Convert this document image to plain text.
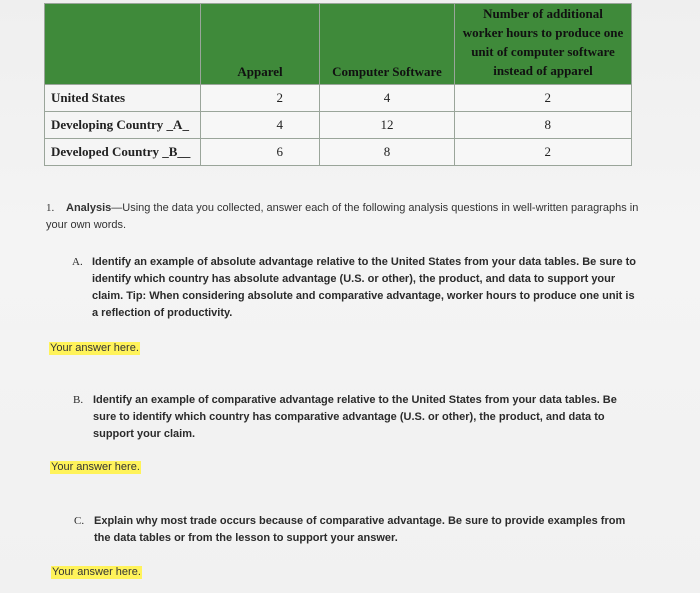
	Apparel	Computer Software	Number of additional
worker hours to produce one
unit of computer software
instead of apparel

United States	2	4	2
Developing Country _A_	4	12	8
Developed Country _B__	6	8	2
1. Analysis—Using the data you collected, answer each of the following analysis questions in well-written paragraphs in your own words.
A. Identify an example of absolute advantage relative to the United States from your data tables. Be sure to identify which country has absolute advantage (U.S. or other), the product, and data to support your claim. Tip: When considering absolute and comparative advantage, worker hours to produce one unit is a reflection of productivity.
Your answer here.
B. Identify an example of comparative advantage relative to the United States from your data tables. Be sure to identify which country has comparative advantage (U.S. or other), the product, and data to support your claim.
Your answer here.
C. Explain why most trade occurs because of comparative advantage. Be sure to provide examples from the data tables or from the lesson to support your answer.
Your answer here.
